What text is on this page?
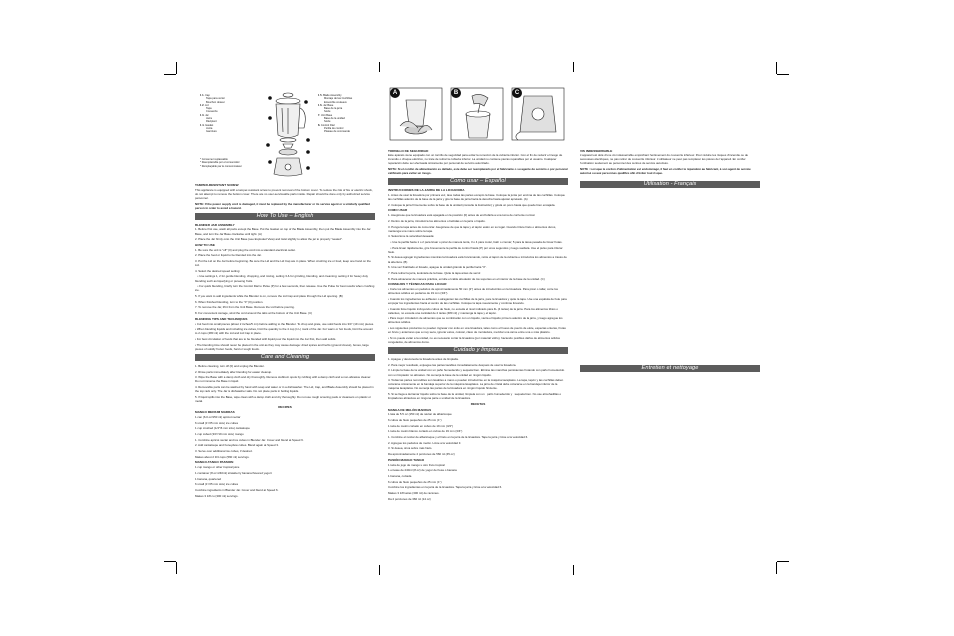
1 1. Cap
Tapa para verter
Bouchon doseur
1 2. Lid
Tapa
Couvercle
1 3. Jar
Jarra
Récipient
1 4. Gasket
Junta
Garniture
1 5. Blade Assembly
Montaje de las Cuchillas
Ensemble couteaux
1 6. Jar Base
Base de la jarra
Socle
7. Unit Base
Base de la unidad
Socle
8. Control Dial
Perilla de control
Plateau de commande
* Consumer replaceable
* Reemplazable por el consumidor
* Remplaçable par le consommateur
TAMPER-RESISTANT SCREW
This appliance is equipped with a tamper-resistant screw to prevent removal of the bottom cover. To reduce the risk of fire or electric shock, do not attempt to remove the bottom cover. There are no user-serviceable parts inside. Repair should be done only by authorized service personnel.
NOTE: If the power supply cord is damaged, it must be replaced by the manufacturer or its service agent or a similarly qualified person in order to avoid a hazard.
How To Use – English
BLENDER JAR ASSEMBLY
1. Before first use, wash all parts except the Base. Put the Gasket on top of the Blade Assembly, then put the Blade Assembly into the Jar Base, and turn the Jar Base clockwise until tight. (A)
2. Place the Jar firmly onto the Unit Base (see Exploded View) and twist slightly to allow the jar to properly "seated".
HOW TO USE
1. Be sure the unit is "off" (0) and plug the cord into a standard electrical outlet.
2. Place the food or liquid to be blended into the Jar.
3. Put the Lid on the Jar before beginning. Be sure the Lid and the Lid Cap are in place. When crushing ice or food, keep one hand on the Lid.
4. Select the desired speed setting:
• Use settings 1, 2 for gentle blending, chopping, and mixing, setting 3 & for grinding, blending, and creaming; setting 4 for heavy duty blending such as liquefying or pureeing fruits.
• For quick blending, briefly turn the Control Dial to Pulse (P) for a few seconds, then release. Use the Pulse for best results when crushing ice.
5. If you want to add ingredients while the Blender is on, remove the Lid Cap and place through the Lid opening. (B)
6. When finished blending, turn to the "0" (0) position.
7. To remove the Jar, lift it from the Unit Base. Remove the Lid before pouring.
8. For convenient storage, wind the cord around the tabs at the bottom of the Unit Base. (C)
BLENDING TIPS AND TECHNIQUES
• Cut food into small pieces (about 2 inches/5 cm) before adding to the Blender. To chop and grate, use solid foods into 3/4" (19 mm) pieces.
• When blending liquids and including ice cubes, limit the quantity to the 4 cup (1 L) mark of the Jar. For warm or hot foods, limit the amount to 2 cups (480 ml) with the Lid and Lid Cap in place.
• For best circulation of foods that are to be blended with liquid pour the liquid into the Jar first, then add solids.
• The blending time should never be placed in the unit as they may cause damage: dried spices and herbs (ground cloves), bones, large pieces of solidly frozen foods, hard or tough foods.
Care and Cleaning
1. Before cleaning, turn off (0) and unplug the Blender.
2. Rinse parts immediately after blending for easier cleanup.
3. Wipe the Base with a damp cloth and dry thoroughly. Remove stubborn spots by rubbing with a damp cloth and a non-abrasive cleaner. Do not immerse the Base in liquid.
4. Removable parts can be washed by hand with soap and water or in a dishwasher. The Lid, Cap, and Blade Assembly should be placed in the top rack only. The Jar is dishwasher safe. Do not place parts in boiling liquids.
5. If liquid spills into the Base, wipe clean with a damp cloth and dry thoroughly. Do not use rough scouring pads or cleansers on plastic or metal.
RECIPES
MANGO MEDIUM MADRAS
1 can (6.0 oz/150 ml) apricot nectar
6 small (1"/25 mm size) ice cubes
1 cup crushed (1/4"/6 mm size) cantaloupe
1 cup cubed (3/4"/19 mm size) mango
1. Combine apricot nectar and ice cubes in Blender Jar. Cover and blend at Speed 6.
2. Add cantaloupe and honeydew cubes. Blend again at Speed 3.
3. Serve over additional ice cubes, if desired.
Makes about 2 3/4 cups (560 ml) servings.
MANGO-TANGO PASSION
1 cup mango or other tropical juice
1 container (8 oz./240ml) strawberry banana flavored yogurt
1 banana, quartered
6 small (1"/25 mm size) ice cubes
Combine ingredients in Blender Jar. Cover and blend at Speed 6.
Makes 3 1/8 cu (300 ml) servings.
A	B	C
TORNILLO DE SEGURIDAD
Este aparato viene equipado con un tornillo de seguridad para evitar la remoción de la cubierta inferior. Con el fin de reducir el riesgo de incendio o choque eléctrico, no trate de retirar la cubierta inferior. La unidad no contiene piezas reparables por el usuario. Cualquier reparación debe ser efectuada únicamente por personal de servicio autorizado.
NOTA: Si el cordón de alimentación es dañado, este debe ser reemplazado por el fabricante o su agente de servicio o por personal calificado para evitar un riesgo.
Como usar – Español
INSTRUCCIONES DE LA JARRA DE LA LICUADORA
1. Antes de usar la licuadora por primera vez, lave todas las partes excepto la base. Coloque la junta por encima de las cuchillas. Coloque las cuchillas adentro de la base de la jarra y gire la base de jarra hacia la derecha hasta ajustar apretado. (A)
2. Coloque la jarra firmemente sobre la base de la unidad (consulte la ilustración) y gírela un poco hasta que quede bien encajada.
COMO USAR
1. Asegúrese que la licuadora esté apagada en la posición (0) antes de enchufarla a una toma de corriente normal.
2. Dentro de la jarra, introduzca los alimentos o bebidas en la jarra o líquido.
3. Ponga la tapa antes de comenzar. Asegúrese de que la tapa y el tapón estén en su lugar. Cuando triture hielo o alimentos duros, mantenga una mano sobre la tapa.
4. Seleccione la velocidad deseada:
• Use la perilla hacia 1 o 2 para licuar o picar de manera lenta, 3 o 4 para moler, batir o cremar; 5 para la tarea pesada de licuar frutas.
• Para licuar rápidamente, gire brevemente la perilla de control hasta (P) por unos segundos y luego suéltela. Use el pulso para triturar hielo.
5. Si desea agregar ingredientes mientras la licuadora está funcionando, retire el tapón de la cubierta e introduzca los alimentos a través de la abertura. (B)
6. Una vez finalizado el licuado, apague la unidad girando la perilla hacia "0".
7. Para retirar la jarra, levántela de la base. Quite la tapa antes de servir.
8. Para almacenar de manera práctica, enrolle el cable alrededor de los soportes en el interior de la base de la unidad. (C)
CONSEJOS Y TÉCNICAS PARA LICUAR
• Corte los alimentos en pedazos de aproximadamente 50 mm (2") antes de introducirlos en la licuadora. Para picar o rallar, corte los alimentos sólidos en pedazos de 19 mm (3/4").
• Cuando los ingredientes se adhieren o atraganten las cuchillas de la jarra, pare la licuadora y quite la tapa. Use una espátula de hule para empujar los ingredientes hacia el centro de las cuchillas. Coloque la tapa nuevamente y continúe licuando.
• Cuando licúe líquido incluyendo cubos de hielo, no exceda el nivel indicado para 4L (4 tazas) de la jarra. Para los alimentos tibios o calientes, no exceda una cantidad de 2 tazas (480 ml) y mantenga la tapa y el tapón.
• Para mejor circulación de alimentos que se combinarán con un líquido, vierta el líquido primero adentro de la jarra, y luego agregue los alimentos sólidos.
• Los siguientes productos no pueden ingresar con éxito en una licuadora, tales como el hueso de puerto de elote, especias enteras, frutas en bruto y anteriores que a muy seca, ignorar estos, colocar, clavo de mordedura, mezclar una carne entre una o más plástico.
• Si no puede evitar a la unidad, no es necesario cortar la licuadora (por material vidrio), haciendo posibles daños de alimentos sólidos congelados, de alimentos duros.
Cuidado y limpieza
1. Apague y desconecte la licuadora antes de limpiarla.
2. Para mejor resultado, enjuague las partes lavables inmediatamente después de usar la licuadora.
3. Limpie la base de la unidad con un paño humedecido y sequela bien. Elimine las manchas persistentes frotando con paño humedecido con un limpiador no abrasivo. No sumerja la base de la unidad en ningún líquido.
4. Todas las partes removibles son lavables a mano o pueden introducirse en la máquina lavaplatos. La tapa, tapón y las cuchillas deben colocarse únicamente en la bandeja superior de la máquina lavaplatos. La jarra de cristal debe colocarse en la bandeja inferior de la máquina lavaplatos. No sumerja las partes de la licuadora en ningún líquido hirviente.
5. Si se llega a derramar líquido sobre la base de la unidad, límpiela con un   paño humedecido y   sequela bien. No use almohadillas o limpiadores abrasivos en ninguna parte o unidad de la licuadora.
RECETAS
MANGA DE MELÓN MADRAS
1 lata de 5.5 oz (150 ml) de néctar de albaricoque
6 cubos de hielo pequeños de 25 mm (1")
1 taza de melón cortado en cubos de 19 mm (3/4")
1 taza de melón blanco cortado en cubos de 19 mm (3/4")
1. Combine el néctar de albaricoque y el hielo en la jarra de la licuadora. Tape la jarra y licúe a la velocidad 6.
2. Agregue los pedazos de melón. Licúe a la velocidad 3.
3. Si desea, sirva sobre más hielo.
Da aproximadamente 2 porciones de 560 ml (45 oz)
PASIÓN MANGO TANGO
1 taza de jugo de mango u otro fruto tropical
1 envase de 240ml (8 oz) de yogur de fresa o banana
1 banana, cortada
6 cubos de hielo pequeños de 25 mm (1")
Combine los ingredientes en la jarra de la licuadora. Tapa la jarra y licúe a la velocidad 6.
Makes 3 1/8 tazas (300 ml) de raciones.
Da 2 porciones de 360 ml (14 oz)
VIS INDESSERRABLE
L'appareil est doté d'une vis indesserrable empêchant l'enlèvement du couvercle inférieur. Pour réduire les risques d'incendie ou de secousses électriques, ne pas retirer de couvercle inférieur. L'utilisateur ne peut pas remplacer les pièces de l'appareil. En confier l'ordination seulement au personnel des centres de service autorisés.
NOTE : Lorsque le cordon d'alimentation est endommagé, il faut en confier le réparation au fabricant, à son agent de service autorisé ou aux personnes qualifiés afin d'éviter tout risque.
Utilisation - Français
Entretien et nettoyage
